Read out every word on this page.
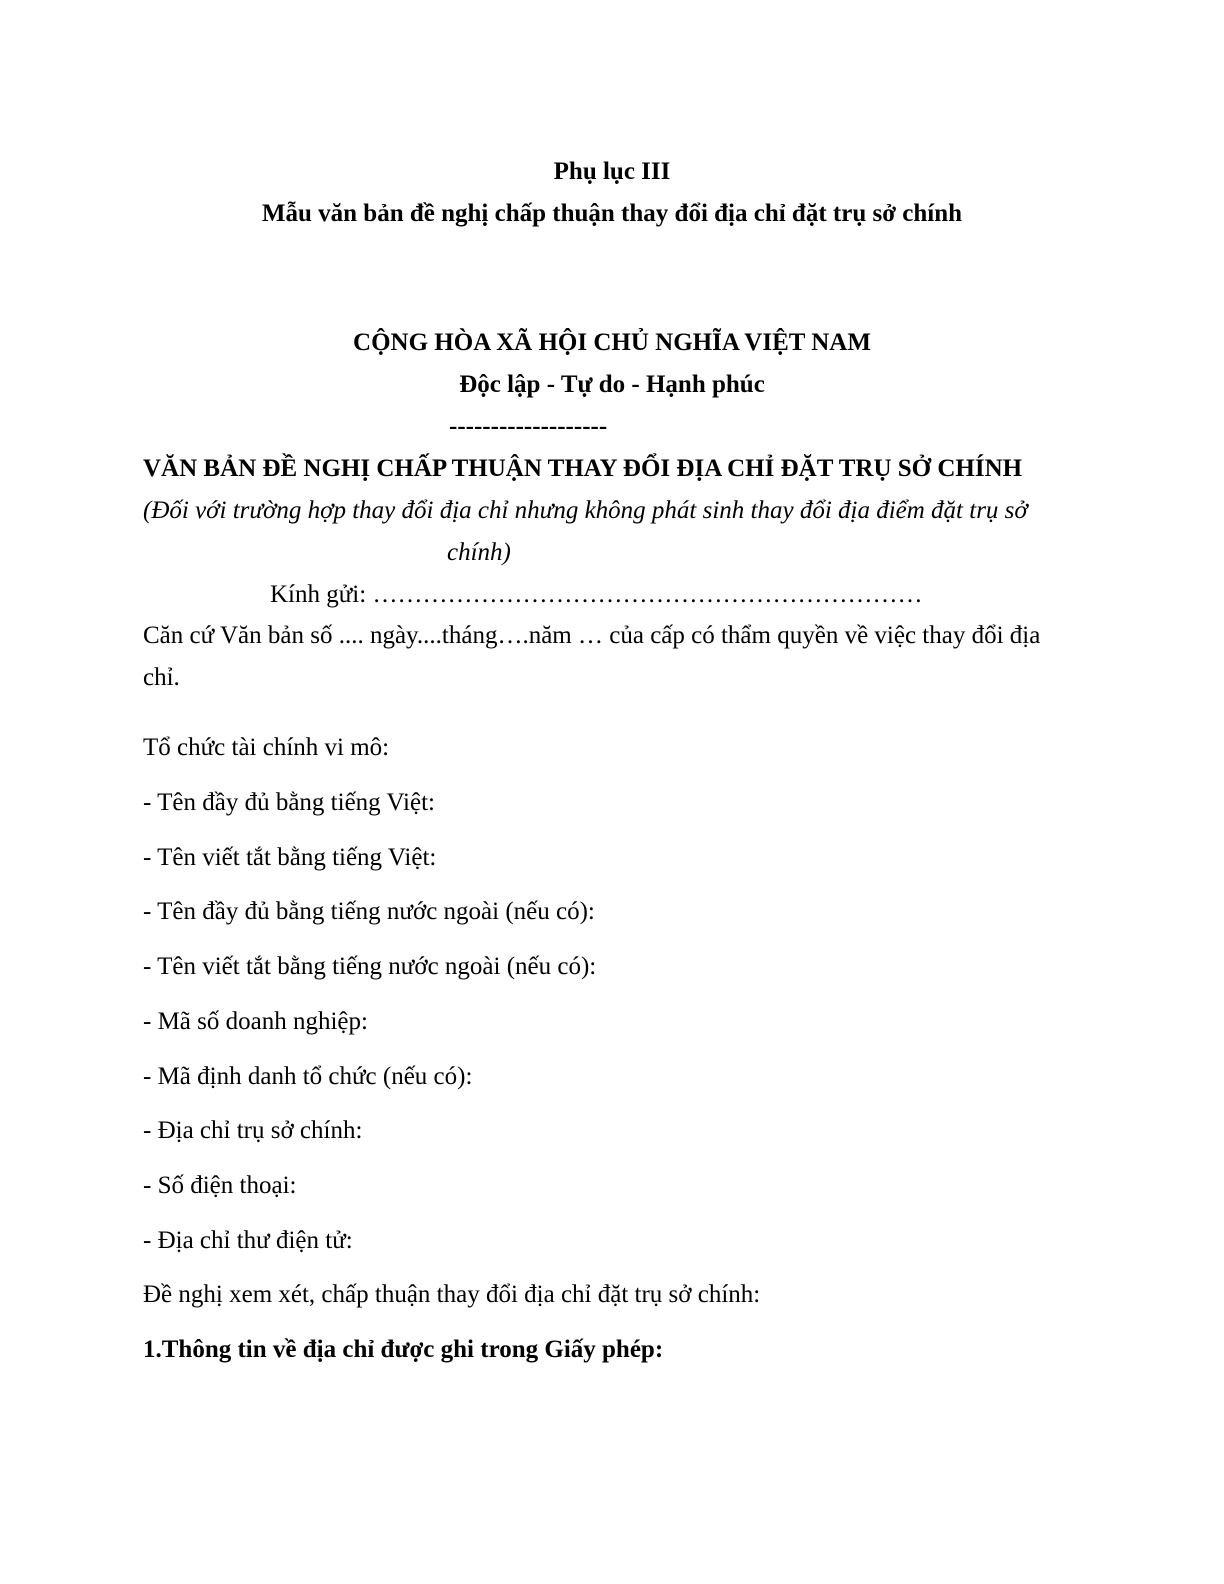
Phụ lục III
Mẫu văn bản đề nghị chấp thuận thay đổi địa chỉ đặt trụ sở chính
CỘNG HÒA XÃ HỘI CHỦ NGHĨA VIỆT NAM
Độc lập - Tự do - Hạnh phúc
-------------------
VĂN BẢN ĐỀ NGHỊ CHẤP THUẬN THAY ĐỔI ĐỊA CHỈ ĐẶT TRỤ SỞ CHÍNH
(Đối với trường hợp thay đổi địa chỉ nhưng không phát sinh thay đổi địa điểm đặt trụ sở
chính)
Kính gửi: …………………………………………………………
Căn cứ Văn bản số .... ngày....tháng….năm … của cấp có thẩm quyền về việc thay đổi địa
chỉ.
Tổ chức tài chính vi mô:
- Tên đầy đủ bằng tiếng Việt:
- Tên viết tắt bằng tiếng Việt:
- Tên đầy đủ bằng tiếng nước ngoài (nếu có):
- Tên viết tắt bằng tiếng nước ngoài (nếu có):
- Mã số doanh nghiệp:
- Mã định danh tổ chức (nếu có):
- Địa chỉ trụ sở chính:
- Số điện thoại:
- Địa chỉ thư điện tử:
Đề nghị xem xét, chấp thuận thay đổi địa chỉ đặt trụ sở chính:
1.Thông tin về địa chỉ được ghi trong Giấy phép:
